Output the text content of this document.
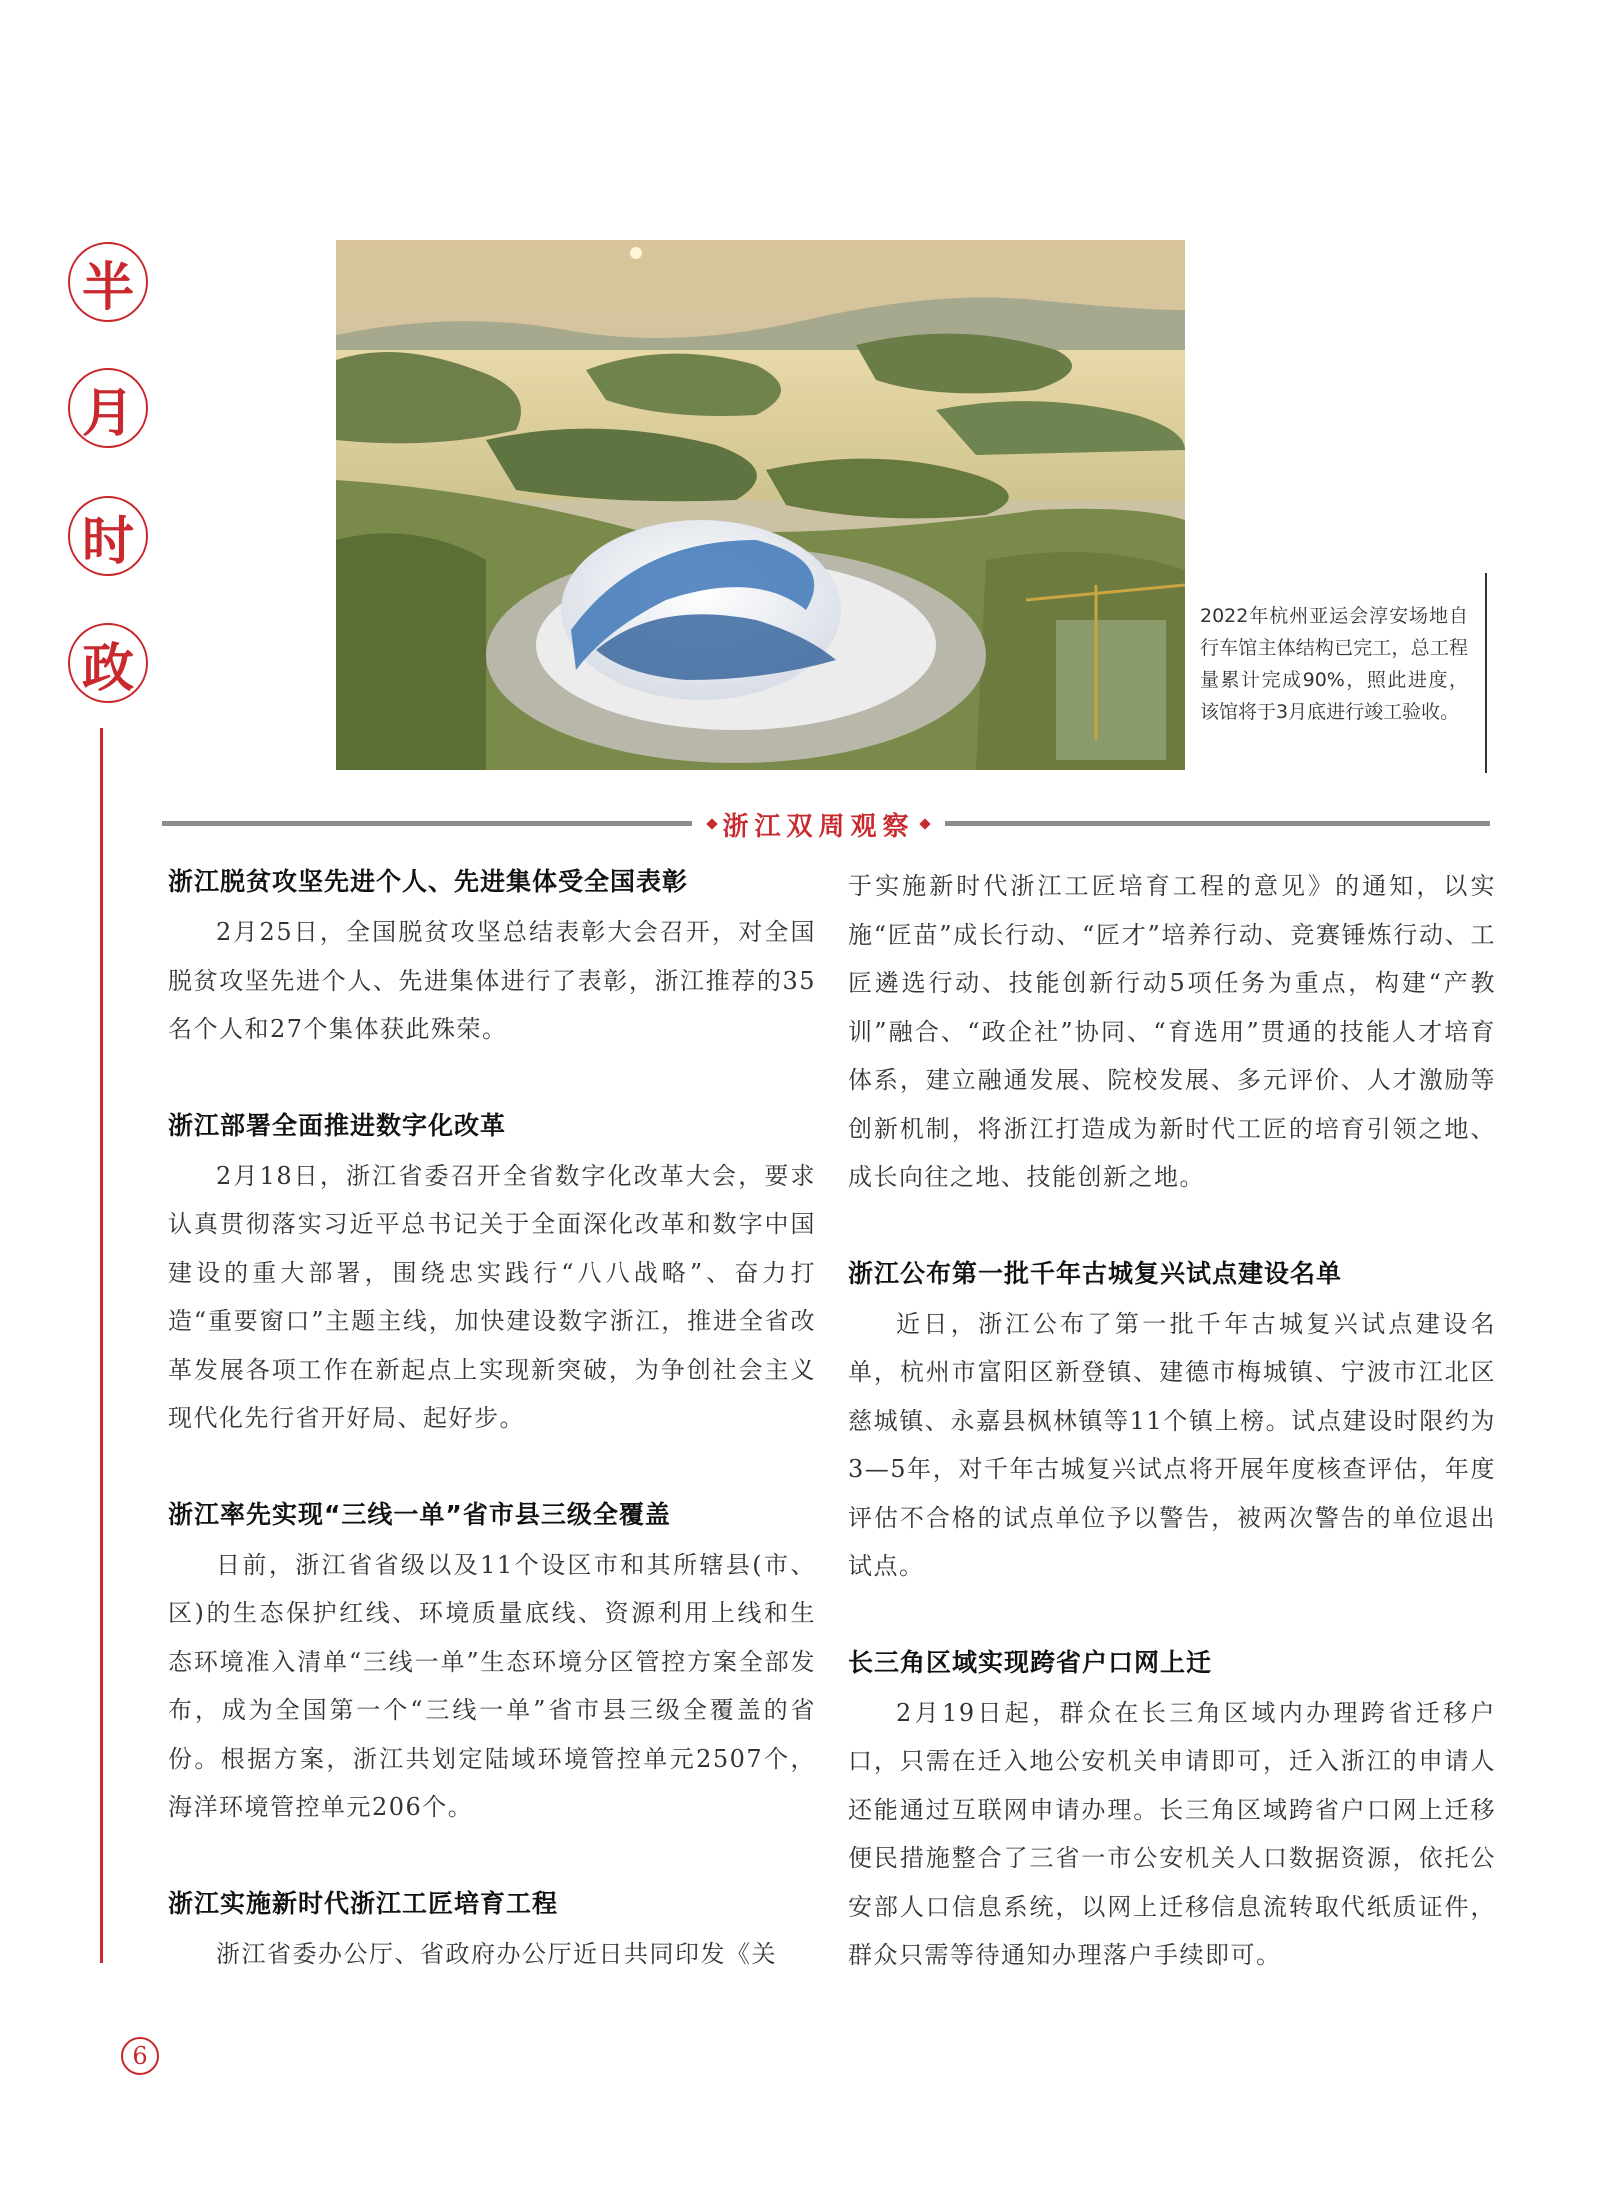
半
月
时
政
2022年杭州亚运会淳安场地自行车馆主体结构已完工，总工程量累计完成90%，照此进度，该馆将于3月底进行竣工验收。
浙江双周观察
浙江脱贫攻坚先进个人、先进集体受全国表彰

2月25日，全国脱贫攻坚总结表彰大会召开，对全国脱贫攻坚先进个人、先进集体进行了表彰，浙江推荐的35名个人和27个集体获此殊荣。

浙江部署全面推进数字化改革

2月18日，浙江省委召开全省数字化改革大会，要求认真贯彻落实习近平总书记关于全面深化改革和数字中国建设的重大部署，围绕忠实践行“八八战略”、奋力打造“重要窗口”主题主线，加快建设数字浙江，推进全省改革发展各项工作在新起点上实现新突破，为争创社会主义现代化先行省开好局、起好步。

浙江率先实现“三线一单”省市县三级全覆盖

日前，浙江省省级以及11个设区市和其所辖县(市、区)的生态保护红线、环境质量底线、资源利用上线和生态环境准入清单“三线一单”生态环境分区管控方案全部发布，成为全国第一个“三线一单”省市县三级全覆盖的省份。根据方案，浙江共划定陆域环境管控单元2507个，海洋环境管控单元206个。

浙江实施新时代浙江工匠培育工程

浙江省委办公厅、省政府办公厅近日共同印发《关

于实施新时代浙江工匠培育工程的意见》的通知，以实施“匠苗”成长行动、“匠才”培养行动、竞赛锤炼行动、工匠遴选行动、技能创新行动5项任务为重点，构建“产教训”融合、“政企社”协同、“育选用”贯通的技能人才培育体系，建立融通发展、院校发展、多元评价、人才激励等创新机制，将浙江打造成为新时代工匠的培育引领之地、成长向往之地、技能创新之地。

浙江公布第一批千年古城复兴试点建设名单

近日，浙江公布了第一批千年古城复兴试点建设名单，杭州市富阳区新登镇、建德市梅城镇、宁波市江北区慈城镇、永嘉县枫林镇等11个镇上榜。试点建设时限约为3—5年，对千年古城复兴试点将开展年度核查评估，年度评估不合格的试点单位予以警告，被两次警告的单位退出试点。

长三角区域实现跨省户口网上迁

2月19日起，群众在长三角区域内办理跨省迁移户口，只需在迁入地公安机关申请即可，迁入浙江的申请人还能通过互联网申请办理。长三角区域跨省户口网上迁移便民措施整合了三省一市公安机关人口数据资源，依托公安部人口信息系统，以网上迁移信息流转取代纸质证件，群众只需等待通知办理落户手续即可。

6
